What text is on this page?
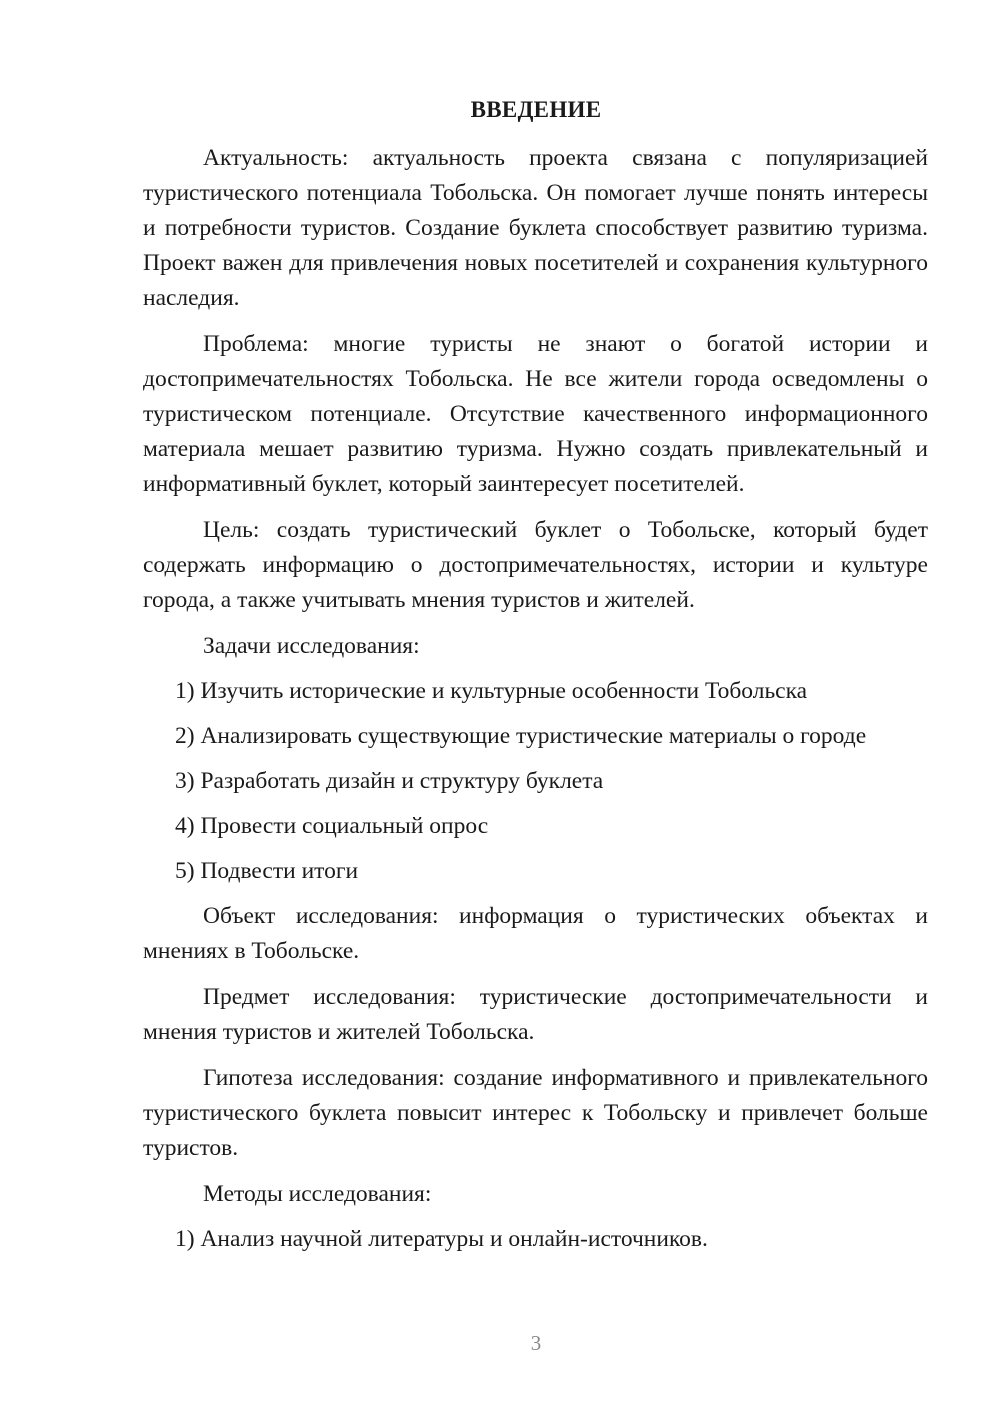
ВВЕДЕНИЕ

Актуальность: актуальность проекта связана с популяризацией туристического потенциала Тобольска. Он помогает лучше понять интересы и потребности туристов. Создание буклета способствует развитию туризма. Проект важен для привлечения новых посетителей и сохранения культурного наследия.

Проблема: многие туристы не знают о богатой истории и достопримечательностях Тобольска. Не все жители города осведомлены о туристическом потенциале. Отсутствие качественного информационного материала мешает развитию туризма. Нужно создать привлекательный и информативный буклет, который заинтересует посетителей.

Цель: создать туристический буклет о Тобольске, который будет содержать информацию о достопримечательностях, истории и культуре города, а также учитывать мнения туристов и жителей.

Задачи исследования:

1) Изучить исторические и культурные особенности Тобольска
2) Анализировать существующие туристические материалы о городе
3) Разработать дизайн и структуру буклета
4) Провести социальный опрос
5) Подвести итоги

Объект исследования: информация о туристических объектах и мнениях в Тобольске.

Предмет исследования: туристические достопримечательности и мнения туристов и жителей Тобольска.

Гипотеза исследования: создание информативного и привлекательного туристического буклета повысит интерес к Тобольску и привлечет больше туристов.

Методы исследования:

1) Анализ научной литературы и онлайн-источников.
3
